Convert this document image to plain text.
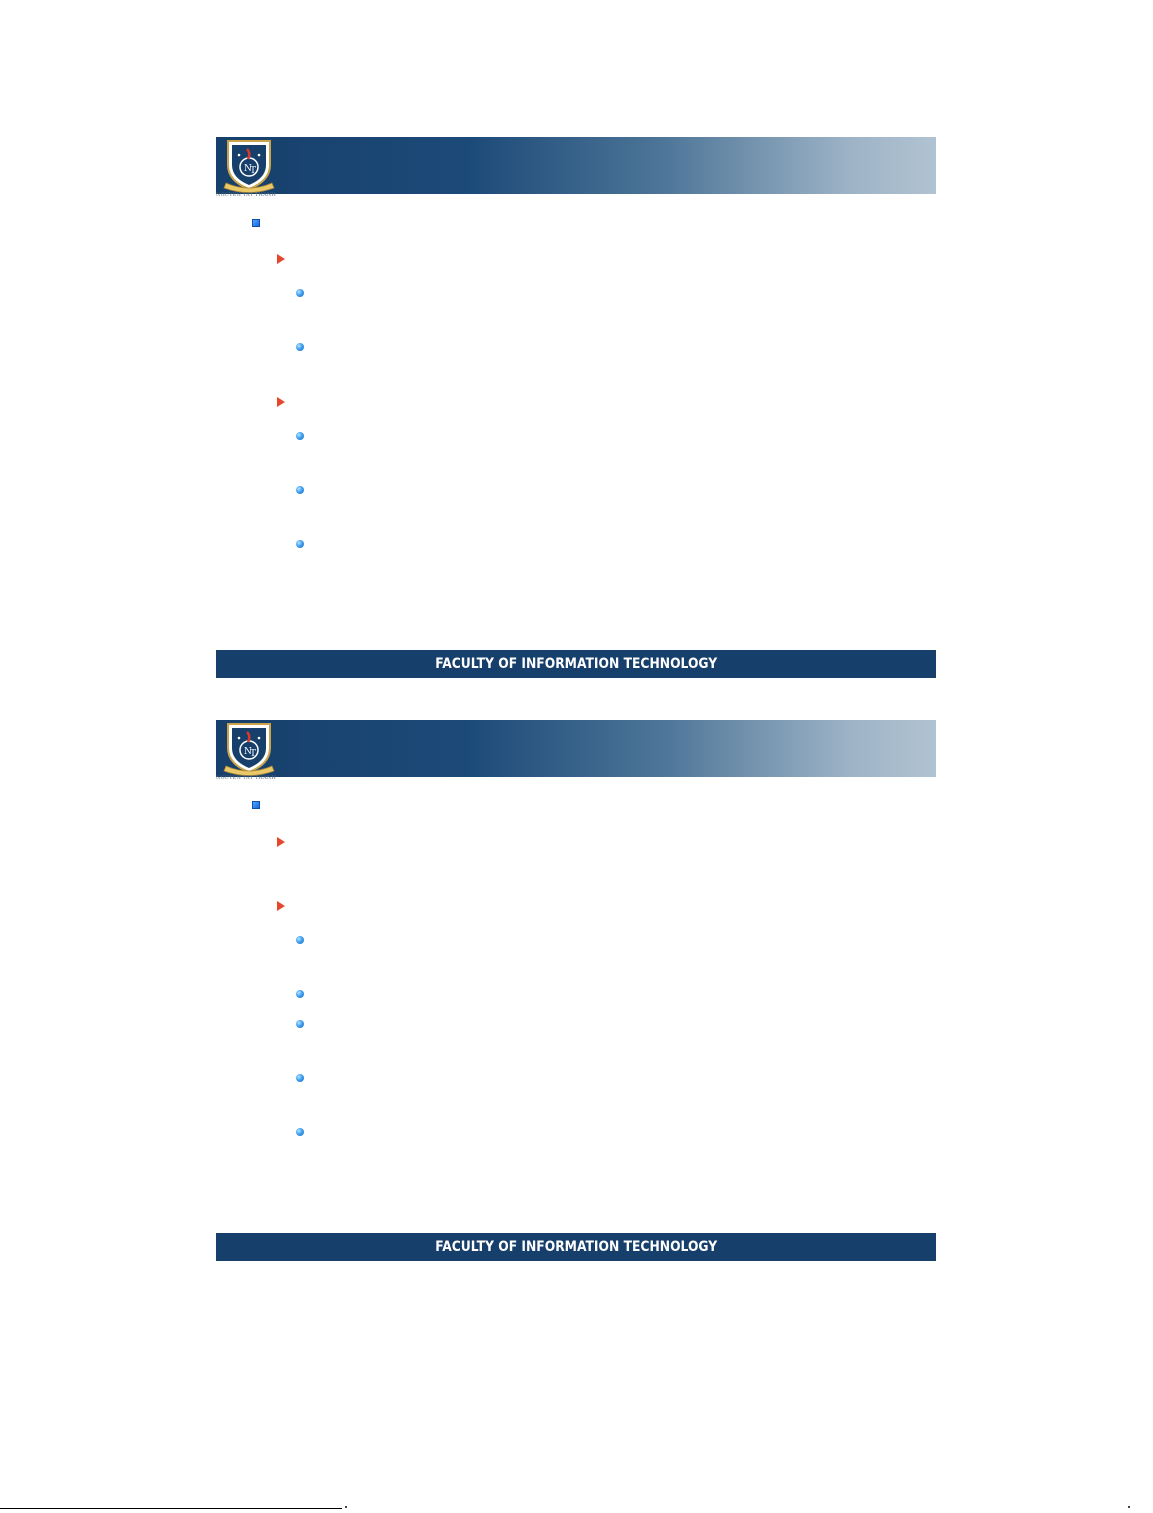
N
T
NGUYEN TAT THANH
FACULTY OF INFORMATION TECHNOLOGY
N
T
NGUYEN TAT THANH
FACULTY OF INFORMATION TECHNOLOGY
